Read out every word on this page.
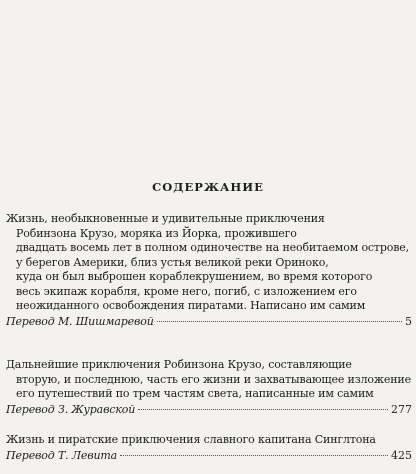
СОДЕРЖАНИЕ
Жизнь, необыкновенные и удивительные приключения
Робинзона Крузо, моряка из Йорка, прожившего
двадцать восемь лет в полном одиночестве на необитаемом острове,
у берегов Америки, близ устья великой реки Ориноко,
куда он был выброшен кораблекрушением, во время которого
весь экипаж корабля, кроме него, погиб, с изложением его
неожиданного освобождения пиратами. Написано им самим
Перевод М. Шишмаревой	5
Дальнейшие приключения Робинзона Крузо, составляющие
вторую, и последнюю, часть его жизни и захватывающее изложение
его путешествий по трем частям света, написанные им самим
Перевод З. Журавской	277
Жизнь и пиратские приключения славного капитана Синглтона
Перевод Т. Левита	425
